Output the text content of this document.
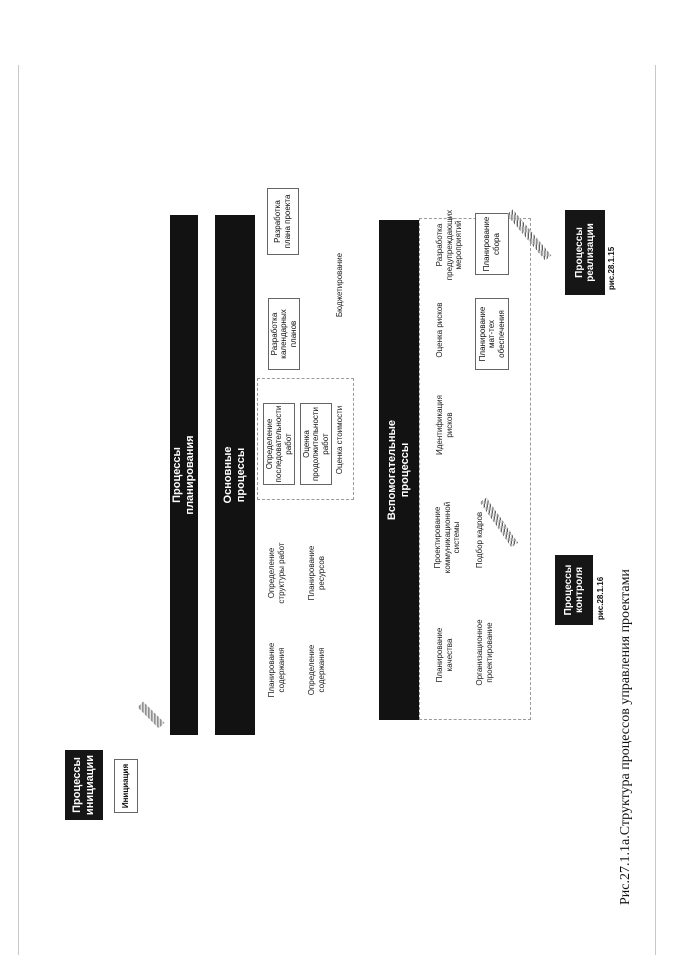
Рис.27.1.1a.Структура процессов управления проектами
Процессы инициации	Инициация
Процессы планирования Основные процессы
Планирование содержания	Определение содержания
Определение структуры работ	Планирование ресурсов
Определение последовательности работ Оценка продолжительности работ Оценка стоимости
Разработка календарных планов
Бюджетирование
Разработка плана проекта
Вспомогательные процессы
Планирование качества	Организационное проектирование
Проектирование коммуникационной системы Подбор кадров
Идентификация рисков
Оценка рисков	Планирование мат-тех обеспечения
Разработка предупреждающих мероприятий	Планирование сбора
Процессы контроля рис.28.1.16
Процессы реализации рис.28.1.15
